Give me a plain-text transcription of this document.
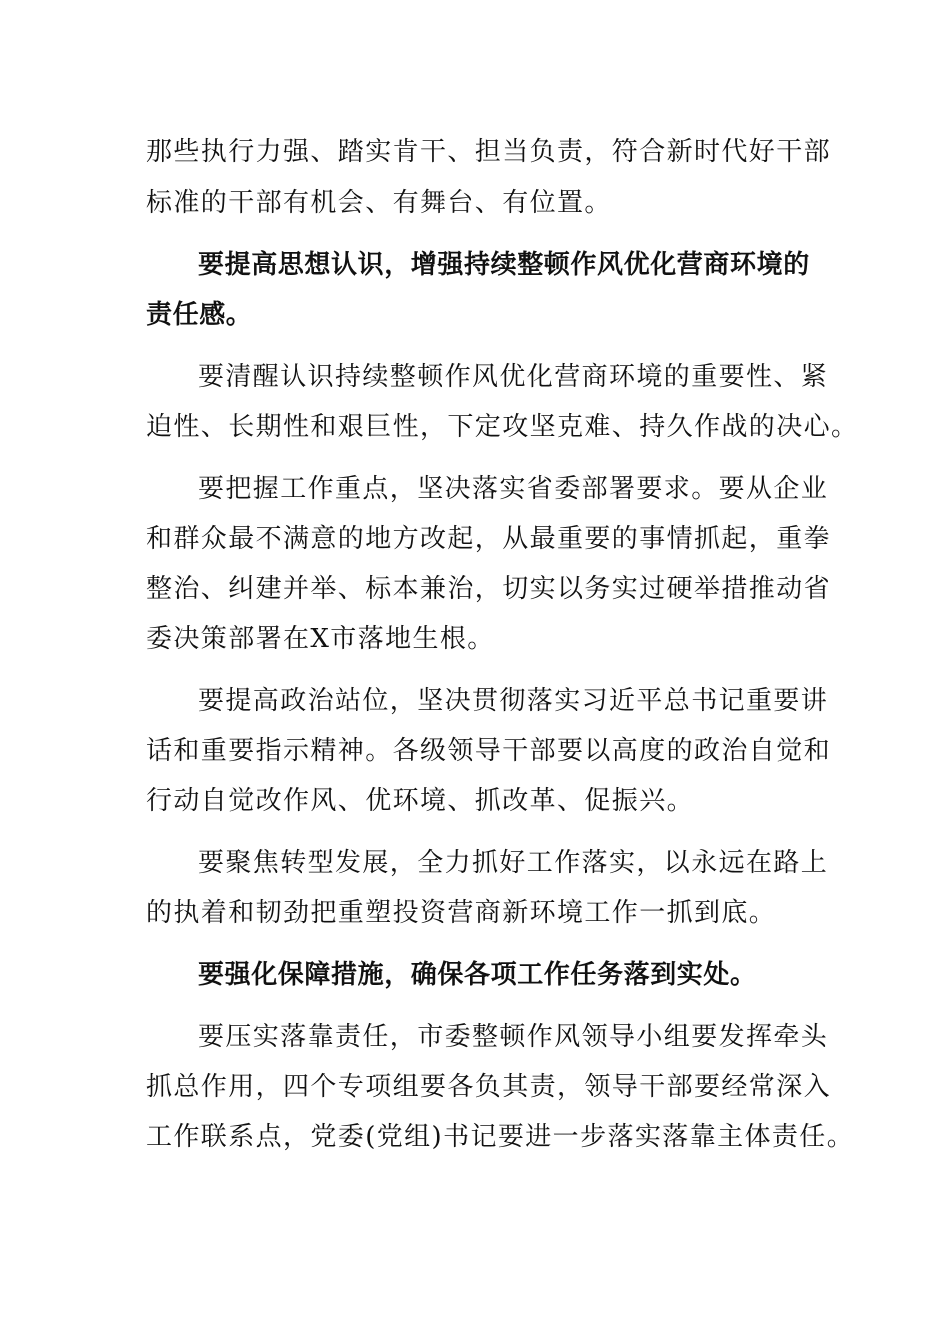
那些执行力强、踏实肯干、担当负责，符合新时代好干部
标准的干部有机会、有舞台、有位置。
要提高思想认识，增强持续整顿作风优化营商环境的
责任感。
要清醒认识持续整顿作风优化营商环境的重要性、紧
迫性、长期性和艰巨性，下定攻坚克难、持久作战的决心。
要把握工作重点，坚决落实省委部署要求。要从企业
和群众最不满意的地方改起，从最重要的事情抓起，重拳
整治、纠建并举、标本兼治，切实以务实过硬举措推动省
委决策部署在X市落地生根。
要提高政治站位，坚决贯彻落实习近平总书记重要讲
话和重要指示精神。各级领导干部要以高度的政治自觉和
行动自觉改作风、优环境、抓改革、促振兴。
要聚焦转型发展，全力抓好工作落实，以永远在路上
的执着和韧劲把重塑投资营商新环境工作一抓到底。
要强化保障措施，确保各项工作任务落到实处。
要压实落靠责任，市委整顿作风领导小组要发挥牵头
抓总作用，四个专项组要各负其责，领导干部要经常深入
工作联系点，党委(党组)书记要进一步落实落靠主体责任。
